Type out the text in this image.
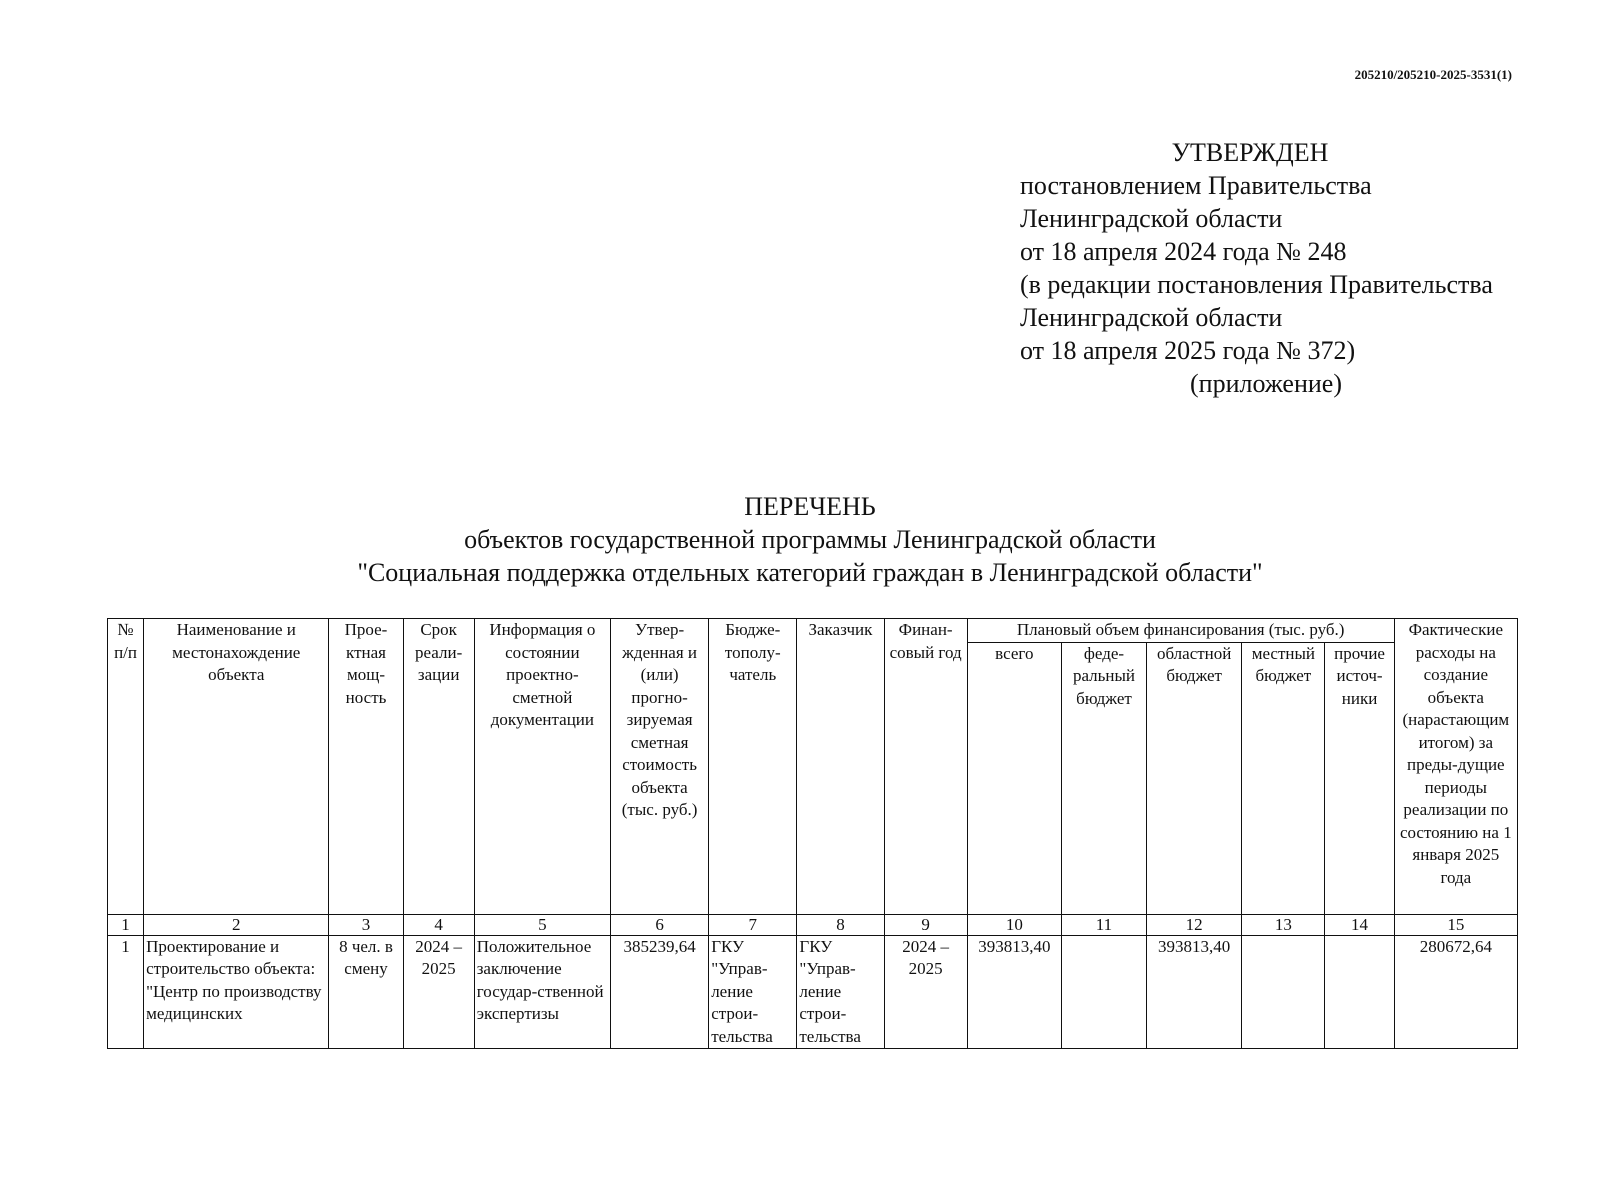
205210/205210-2025-3531(1)
УТВЕРЖДЕН
постановлением Правительства
Ленинградской области
от 18 апреля 2024 года № 248
(в редакции постановления Правительства
Ленинградской области
от 18 апреля 2025 года № 372)
(приложение)
ПЕРЕЧЕНЬ
объектов государственной программы Ленинградской области
"Социальная поддержка отдельных категорий граждан в Ленинградской области"
№ п/п	Наименование и местонахождение объекта	Прое-ктная мощ-ность	Срок реали-зации	Информация о состоянии проектно-сметной документации	Утвер-жденная и (или) прогно-зируемая сметная стоимость объекта (тыс. руб.)	Бюдже-тополу-чатель	Заказчик	Финан-совый год	Плановый объем финансирования (тыс. руб.)					Фактические расходы на создание объекта (нарастающим итогом) за преды-дущие периоды реализации по состоянию на 1 января 2025 года
									всего	феде-ральный бюджет	областной бюджет	местный бюджет	прочие источ-ники	
1	2	3	4	5	6	7	8	9	10	11	12	13	14	15
1	Проектирование и строительство объекта: "Центр по производству медицинских	8 чел. в смену	2024 – 2025	Положительное заключение государ-ственной экспертизы	385239,64	ГКУ "Управ-ление строи-тельства	ГКУ "Управ-ление строи-тельства	2024 – 2025	393813,40		393813,40			280672,64
